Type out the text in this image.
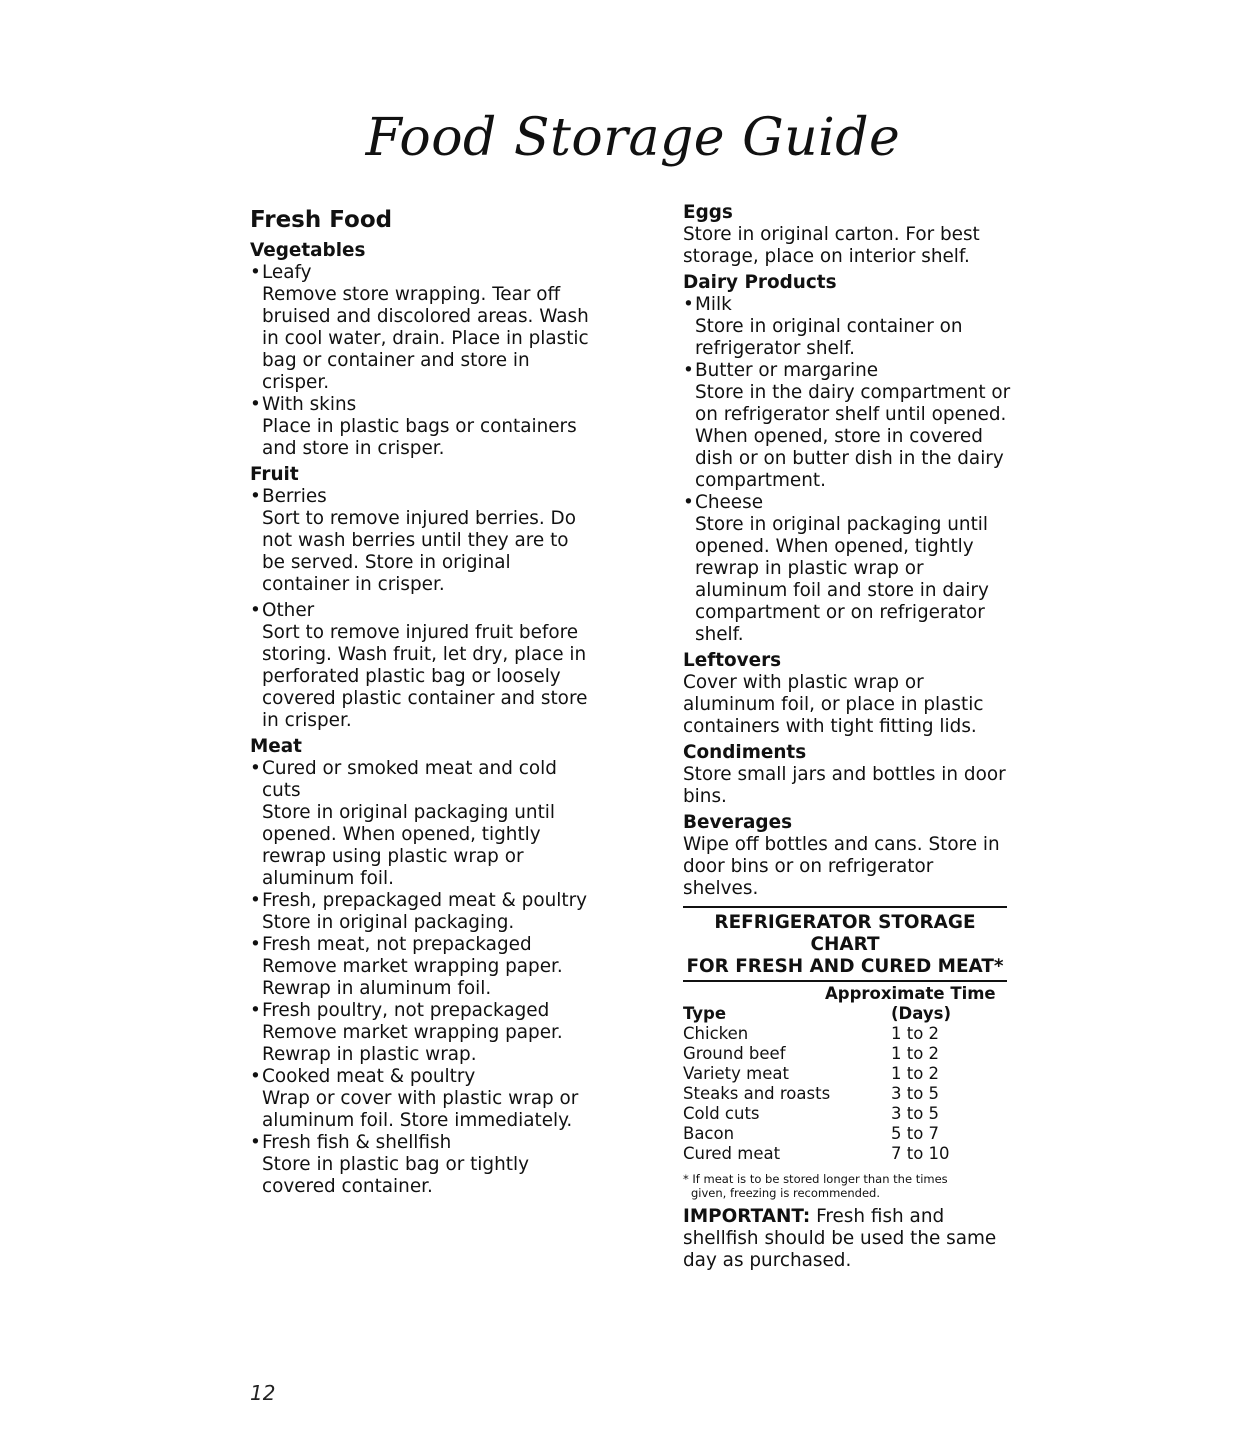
Food Storage Guide
Fresh Food
Vegetables
• Leafy
Remove store wrapping. Tear off bruised and discolored areas. Wash in cool water, drain. Place in plastic bag or container and store in crisper.
• With skins
Place in plastic bags or containers and store in crisper.
Fruit
• Berries
Sort to remove injured berries. Do not wash berries until they are to be served. Store in original container in crisper.
• Other
Sort to remove injured fruit before storing. Wash fruit, let dry, place in perforated plastic bag or loosely covered plastic container and store in crisper.
Meat
• Cured or smoked meat and cold cuts
Store in original packaging until opened. When opened, tightly rewrap using plastic wrap or aluminum foil.
• Fresh, prepackaged meat & poultry
Store in original packaging.
• Fresh meat, not prepackaged
Remove market wrapping paper. Rewrap in aluminum foil.
• Fresh poultry, not prepackaged
Remove market wrapping paper. Rewrap in plastic wrap.
• Cooked meat & poultry
Wrap or cover with plastic wrap or aluminum foil. Store immediately.
• Fresh fish & shellfish
Store in plastic bag or tightly covered container.
Eggs

Store in original carton. For best storage, place on interior shelf.

Dairy Products
• Milk
Store in original container on refrigerator shelf.
• Butter or margarine
Store in the dairy compartment or on refrigerator shelf until opened. When opened, store in covered dish or on butter dish in the dairy compartment.
• Cheese
Store in original packaging until opened. When opened, tightly rewrap in plastic wrap or aluminum foil and store in dairy compartment or on refrigerator shelf.
Leftovers

Cover with plastic wrap or aluminum foil, or place in plastic containers with tight fitting lids.

Condiments

Store small jars and bottles in door bins.

Beverages

Wipe off bottles and cans. Store in door bins or on refrigerator shelves.

REFRIGERATOR STORAGE CHART
FOR FRESH AND CURED MEAT*
Approximate Time
Type	(Days)
Chicken	1 to 2
Ground beef	1 to 2
Variety meat	1 to 2
Steaks and roasts	3 to 5
Cold cuts	3 to 5
Bacon	5 to 7
Cured meat	7 to 10
* If meat is to be stored longer than the times
given, freezing is recommended.

IMPORTANT: Fresh fish and shellfish should be used the same day as purchased.

12
